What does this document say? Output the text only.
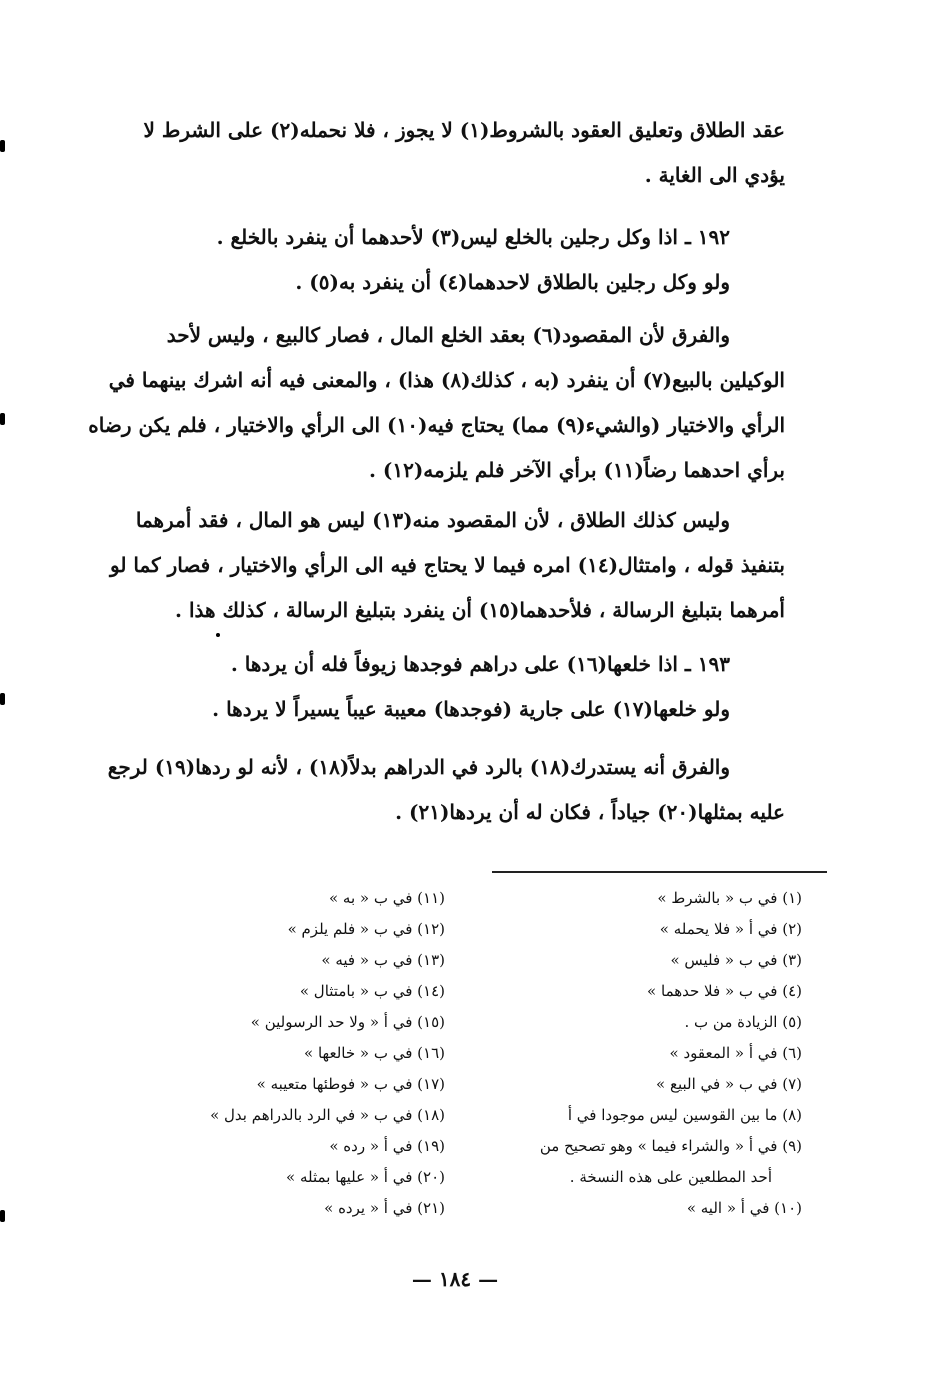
عقد الطلاق وتعليق العقود بالشروط(١) لا يجوز ، فلا نحمله(٢) على الشرط لا
يؤدي الى الغاية .
١٩٢ ـ اذا وكل رجلين بالخلع ليس(٣) لأحدهما أن ينفرد بالخلع .
ولو وكل رجلين بالطلاق لاحدهما(٤) أن ينفرد به(٥) .
والفرق لأن المقصود(٦) بعقد الخلع المال ، فصار كالبيع ، وليس لأحد
الوكيلين بالبيع(٧) أن ينفرد (به ، كذلك(٨) هذا) ، والمعنى فيه أنه اشرك بينهما في
الرأي والاختيار (والشيء(٩) مما) يحتاج فيه(١٠) الى الرأي والاختيار ، فلم يكن رضاه
برأي احدهما رضاً(١١) برأي الآخر فلم يلزمه(١٢) .
وليس كذلك الطلاق ، لأن المقصود منه(١٣) ليس هو المال ، فقد أمرهما
بتنفيذ قوله ، وامتثال(١٤) امره فيما لا يحتاج فيه الى الرأي والاختيار ، فصار كما لو
أمرهما بتبليغ الرسالة ، فلأحدهما(١٥) أن ينفرد بتبليغ الرسالة ، كذلك هذا .
١٩٣ ـ اذا خلعها(١٦) على دراهم فوجدها زيوفاً فله أن يردها .
ولو خلعها(١٧) على جارية (فوجدها) معيبة عيباً يسيراً لا يردها .
والفرق أنه يستدرك(١٨) بالرد في الدراهم بدلاً(١٨) ، لأنه لو ردها(١٩) لرجع
عليه بمثلها(٢٠) جياداً ، فكان له أن يردها(٢١) .
(١) في ب « بالشرط »
(٢) في أ « فلا يحمله »
(٣) في ب « فليس »
(٤) في ب « فلا حدهما »
(٥) الزيادة من ب .
(٦) في أ « المعقود »
(٧) في ب « في البيع »
(٨) ما بين القوسين ليس موجودا في أ
(٩) في أ « والشراء فيما » وهو تصحيح من
أحد المطلعين على هذه النسخة .
(١٠) في أ « اليه »
(١١) في ب « به »
(١٢) في ب « فلم يلزم »
(١٣) في ب « فيه »
(١٤) في ب « بامتثال »
(١٥) في أ « ولا حد الرسولين »
(١٦) في ب « خالعها »
(١٧) في ب « فوطئها متعيبه »
(١٨) في ب « في الرد بالدراهم بدل »
(١٩) في أ « رده »
(٢٠) في أ « عليها بمثله »
(٢١) في أ « يرده »
— ١٨٤ —
